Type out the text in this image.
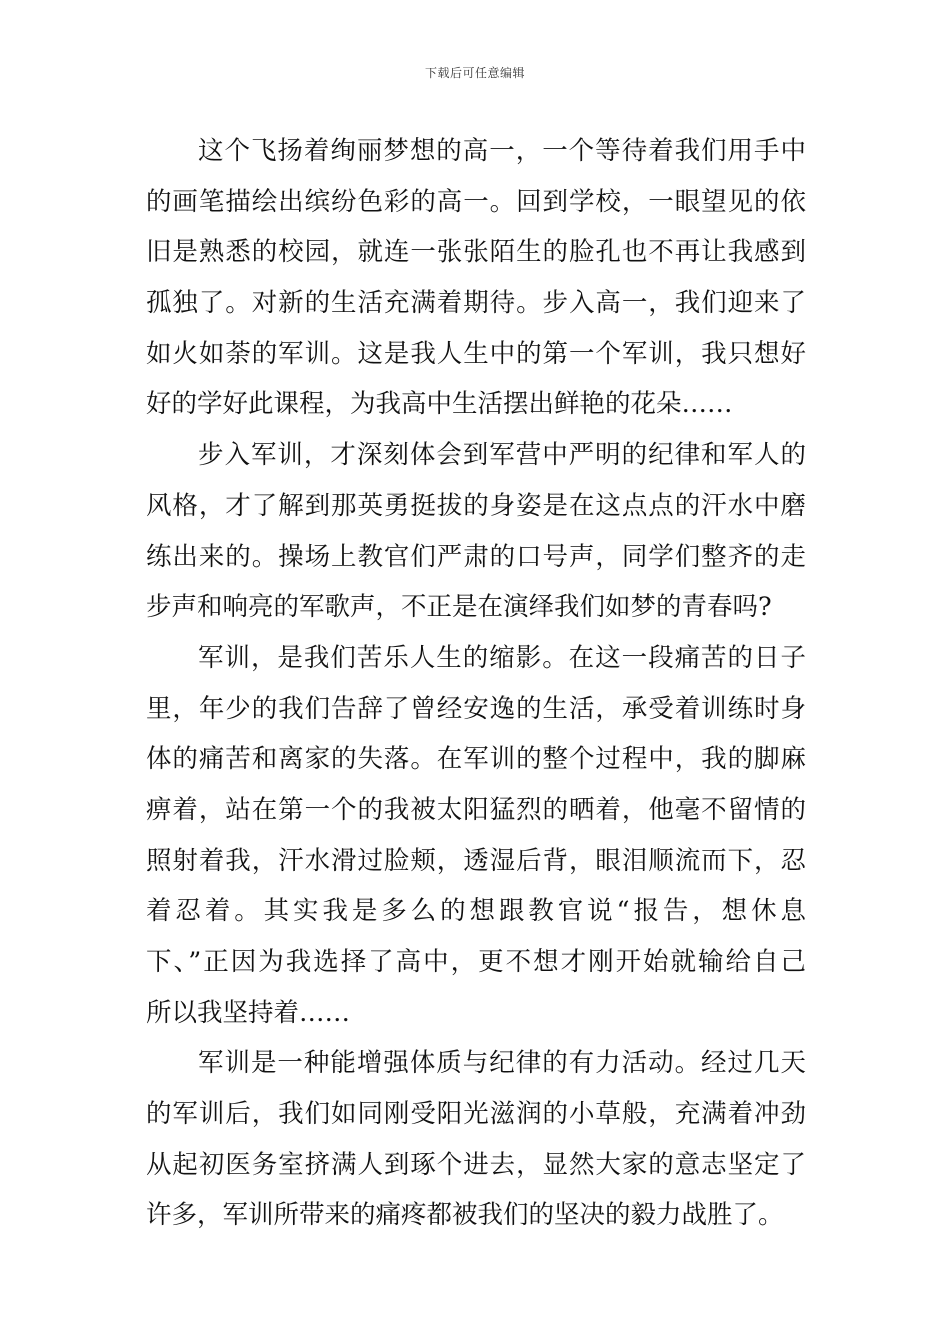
下载后可任意编辑
这个飞扬着绚丽梦想的高一，一个等待着我们用手中
的画笔描绘出缤纷色彩的高一。回到学校，一眼望见的依
旧是熟悉的校园，就连一张张陌生的脸孔也不再让我感到
孤独了。对新的生活充满着期待。步入高一，我们迎来了
如火如荼的军训。这是我人生中的第一个军训，我只想好
好的学好此课程，为我高中生活摆出鲜艳的花朵……
步入军训，才深刻体会到军营中严明的纪律和军人的
风格，才了解到那英勇挺拔的身姿是在这点点的汗水中磨
练出来的。操场上教官们严肃的口号声，同学们整齐的走
步声和响亮的军歌声，不正是在演绎我们如梦的青春吗?
军训，是我们苦乐人生的缩影。在这一段痛苦的日子
里，年少的我们告辞了曾经安逸的生活，承受着训练时身
体的痛苦和离家的失落。在军训的整个过程中，我的脚麻
痹着，站在第一个的我被太阳猛烈的晒着，他毫不留情的
照射着我，汗水滑过脸颊，透湿后背，眼泪顺流而下，忍
着忍着。其实我是多么的想跟教官说“报告，想休息
下、”正因为我选择了高中，更不想才刚开始就输给自己
所以我坚持着……
军训是一种能增强体质与纪律的有力活动。经过几天
的军训后，我们如同刚受阳光滋润的小草般，充满着冲劲
从起初医务室挤满人到琢个进去，显然大家的意志坚定了
许多，军训所带来的痛疼都被我们的坚决的毅力战胜了。
